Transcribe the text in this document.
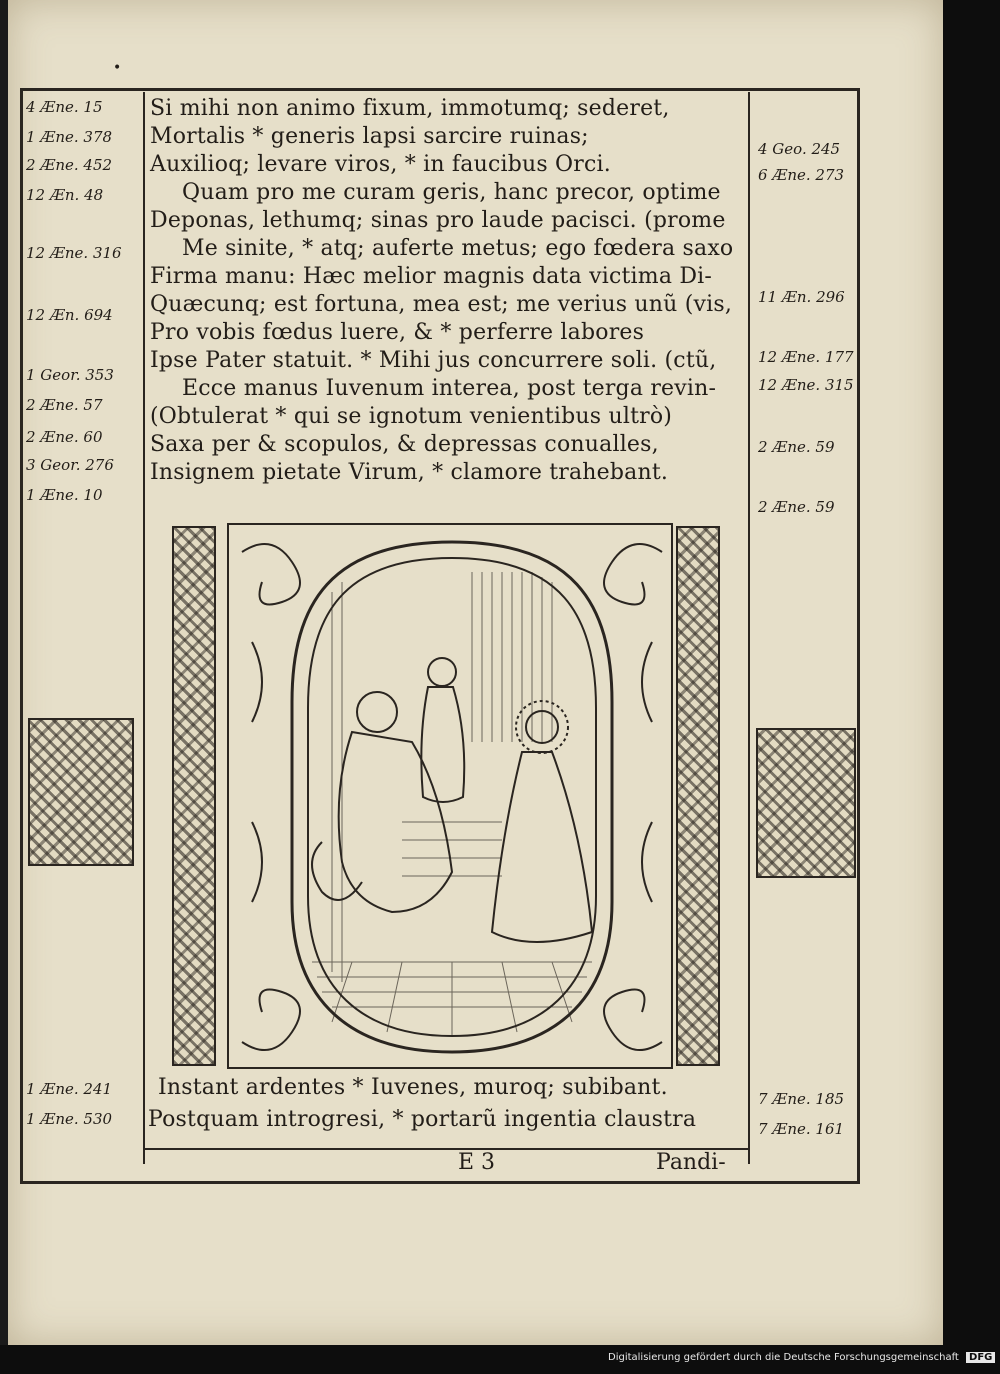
•
Si mihi non animo fixum, immotumq; sederet,
Mortalis * generis lapsi sarcire ruinas;
Auxilioq; levare viros, * in faucibus Orci.
Quam pro me curam geris, hanc precor, optime
Deponas, lethumq; sinas pro laude pacisci. (prome
Me sinite, * atq; auferte metus; ego fœdera saxo
Firma manu: Hæc melior magnis data victima Di-
Quæcunq; est fortuna, mea est; me verius unũ (vis,
Pro vobis fœdus luere, & * perferre labores
Ipse Pater statuit. * Mihi jus concurrere soli. (ctũ,
Ecce manus Iuvenum interea, post terga revin-
(Obtulerat * qui se ignotum venientibus ultrò)
Saxa per & scopulos, & depressas conualles,
Insignem pietate Virum, * clamore trahebant.
4 Æne. 15
1 Æne. 378
2 Æne. 452
12 Æn. 48
12 Æne. 316
12 Æn. 694
1 Geor. 353
2 Æne. 57
2 Æne. 60
3 Geor. 276
1 Æne. 10
1 Æne. 241
1 Æne. 530
4 Geo. 245
6 Æne. 273
11 Æn. 296
12 Æne. 177
12 Æne. 315
2 Æne. 59
2 Æne. 59
7 Æne. 185
7 Æne. 161
Instant ardentes * Iuvenes, muroq; subibant.
Postquam introgresi, * portarũ ingentia claustra
E 3	Pandi-
Digitalisierung gefördert durch die Deutsche Forschungsgemeinschaft DFG
